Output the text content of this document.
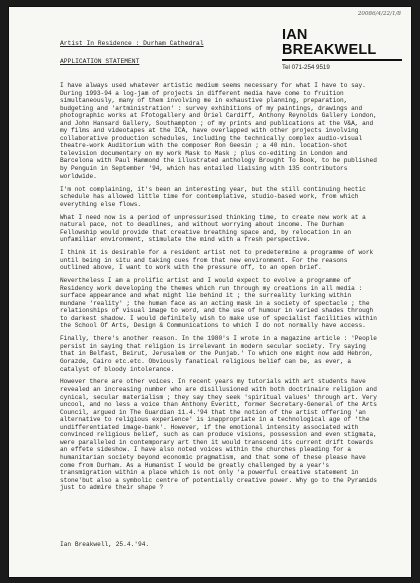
20086/4/22/1/8
IAN BREAKWELL
Tel 071-254 9519
Artist In Residence : Durham Cathedral
APPLICATION STATEMENT

I have always used whatever artistic medium seems necessary for what I have to say. During 1993-94 a log-jam of projects in different media have come to fruition simultaneously, many of them involving me in exhaustive planning, preparation, budgeting and 'artministration' : survey exhibitions of my paintings, drawings and photographic works at Ffotogallery and Oriel Cardiff, Anthony Reynolds Gallery London, and John Hansard Gallery, Southampton ; of my prints and publications at the V&A, and my films and videotapes at the ICA, have overlapped with other projects involving collaborative production schedules, including the technically complex audio-visual theatre-work Auditorium with the composer Ron Geesin ; a 40 min. location-shot television documentary on my work Mask to Mask ; plus co-editing in London and Barcelona with Paul Hammond the illustrated anthology Brought To Book, to be published by Penguin in September '94, which has entailed liaising with 135 contributors worldwide.

I'm not complaining, it's been an interesting year, but the still continuing hectic schedule has allowed little time for contemplative, studio-based work, from which everything else flows.

What I need now is a period of unpressurised thinking time, to create new work at a natural pace, not to deadlines, and without worrying about income. The Durham Fellowship would provide that creative breathing space and, by relocation in an unfamiliar environment, stimulate the mind with a fresh perspective.

I think it is desirable for a resident artist not to predetermine a programme of work until being in situ and taking cues from that new environment. For the reasons outlined above, I want to work with the pressure off, to an open brief.

Nevertheless I am a prolific artist and I would expect to evolve a programme of Residency work developing the themes which run through my creations in all media : surface appearance and what might lie behind it ; the surreality lurking within mundane 'reality' ; the human face as an acting mask in a society of spectacle ; the relationships of visual image to word, and the use of humour in varied shades through to darkest shadow. I would definitely wish to make use of specialist facilities within the School Of Arts, Design & Communications to which I do not normally have access.

Finally, there's another reason. In the 1980's I wrote in a magazine article : 'People persist in saying that religion is irrelevant in modern secular society. Try saying that in Belfast, Beirut, Jerusalem or the Punjab.' To which one might now add Hebron, Gorazde, Cairo etc.etc. Obviously fanatical religious belief can be, as ever, a catalyst of bloody intolerance.

However there are other voices. In recent years my tutorials with art students have revealed an increasing number who are disillusioned with both doctrinaire religion and cynical, secular materialism ; they say they seek 'spiritual values' through art. Very uncool, and no less a voice than Anthony Everitt, former Secretary-General of the Arts Council, argued in The Guardian 11.4.'94 that the notion of the artist offering 'an alternative to religious experience' is inappropriate in a technological age of 'the undifferentiated image-bank'. However, if the emotional intensity associated with convinced religious belief, such as can produce visions, possession and even stigmata, were paralleled in contemporary art then it would transcend its current drift towards an effete sideshow. I have also noted voices within the churches pleading for a humanitarian society beyond economic pragmatism, and that some of these please have come from Durham. As a Humanist I would be greatly challenged by a year's transmigration within a place which is not only 'a powerful creative statement in stone'but also a symbolic centre of potentially creative power. Why go to the Pyramids just to admire their shape ?

Ian Breakwell, 25.4.'94.
